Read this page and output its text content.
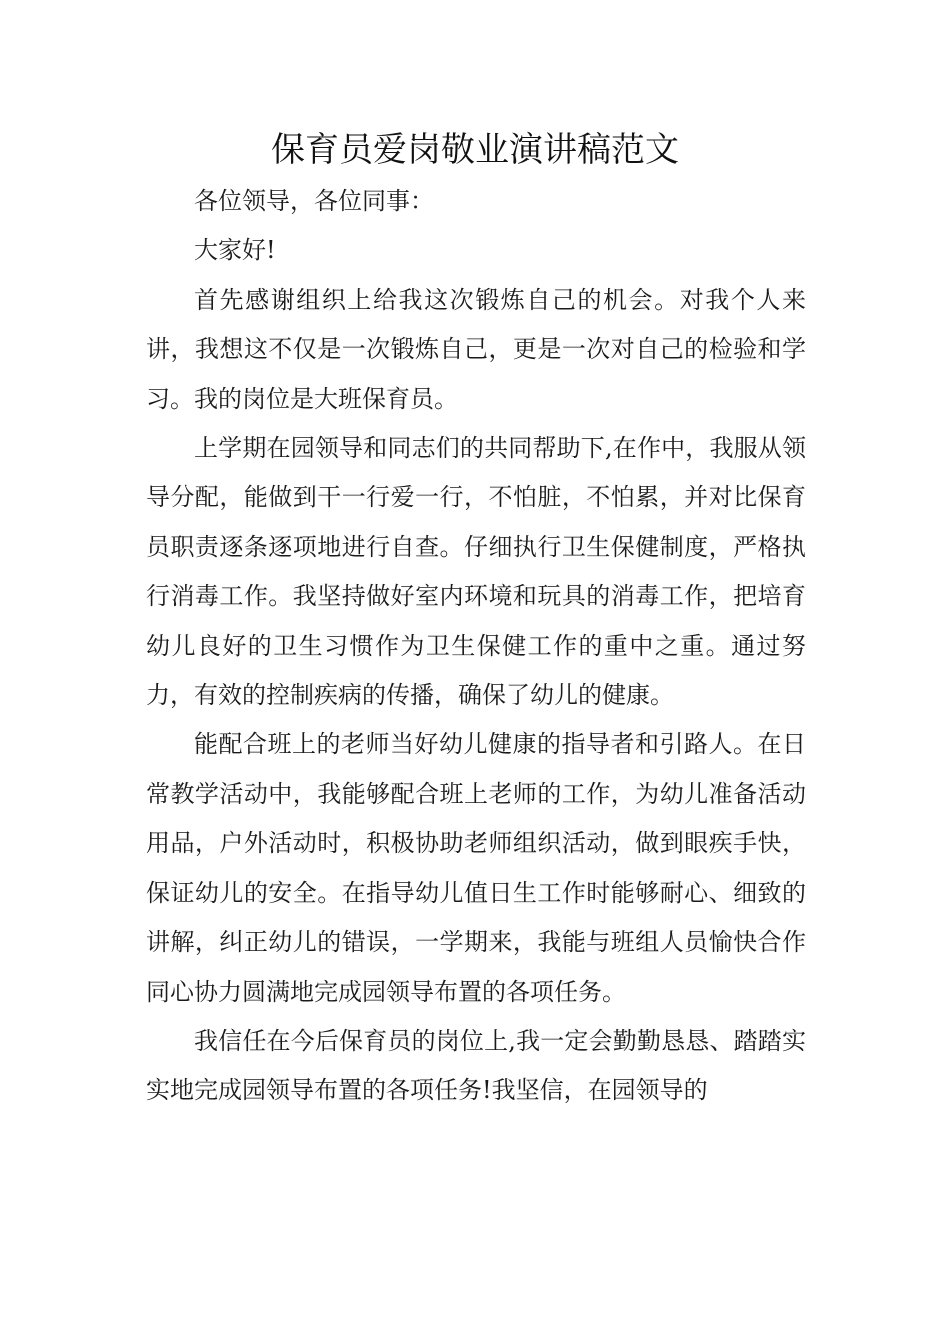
保育员爱岗敬业演讲稿范文

各位领导，各位同事：

大家好!

首先感谢组织上给我这次锻炼自己的机会。对我个人来讲，我想这不仅是一次锻炼自己，更是一次对自己的检验和学习。我的岗位是大班保育员。

上学期在园领导和同志们的共同帮助下,在作中，我服从领导分配，能做到干一行爱一行，不怕脏，不怕累，并对比保育员职责逐条逐项地进行自查。仔细执行卫生保健制度，严格执行消毒工作。我坚持做好室内环境和玩具的消毒工作，把培育幼儿良好的卫生习惯作为卫生保健工作的重中之重。通过努力，有效的控制疾病的传播，确保了幼儿的健康。

能配合班上的老师当好幼儿健康的指导者和引路人。在日常教学活动中，我能够配合班上老师的工作，为幼儿准备活动用品，户外活动时，积极协助老师组织活动，做到眼疾手快，保证幼儿的安全。在指导幼儿值日生工作时能够耐心、细致的讲解，纠正幼儿的错误，一学期来，我能与班组人员愉快合作同心协力圆满地完成园领导布置的各项任务。

我信任在今后保育员的岗位上,我一定会勤勤恳恳、踏踏实实地完成园领导布置的各项任务!我坚信，在园领导的
